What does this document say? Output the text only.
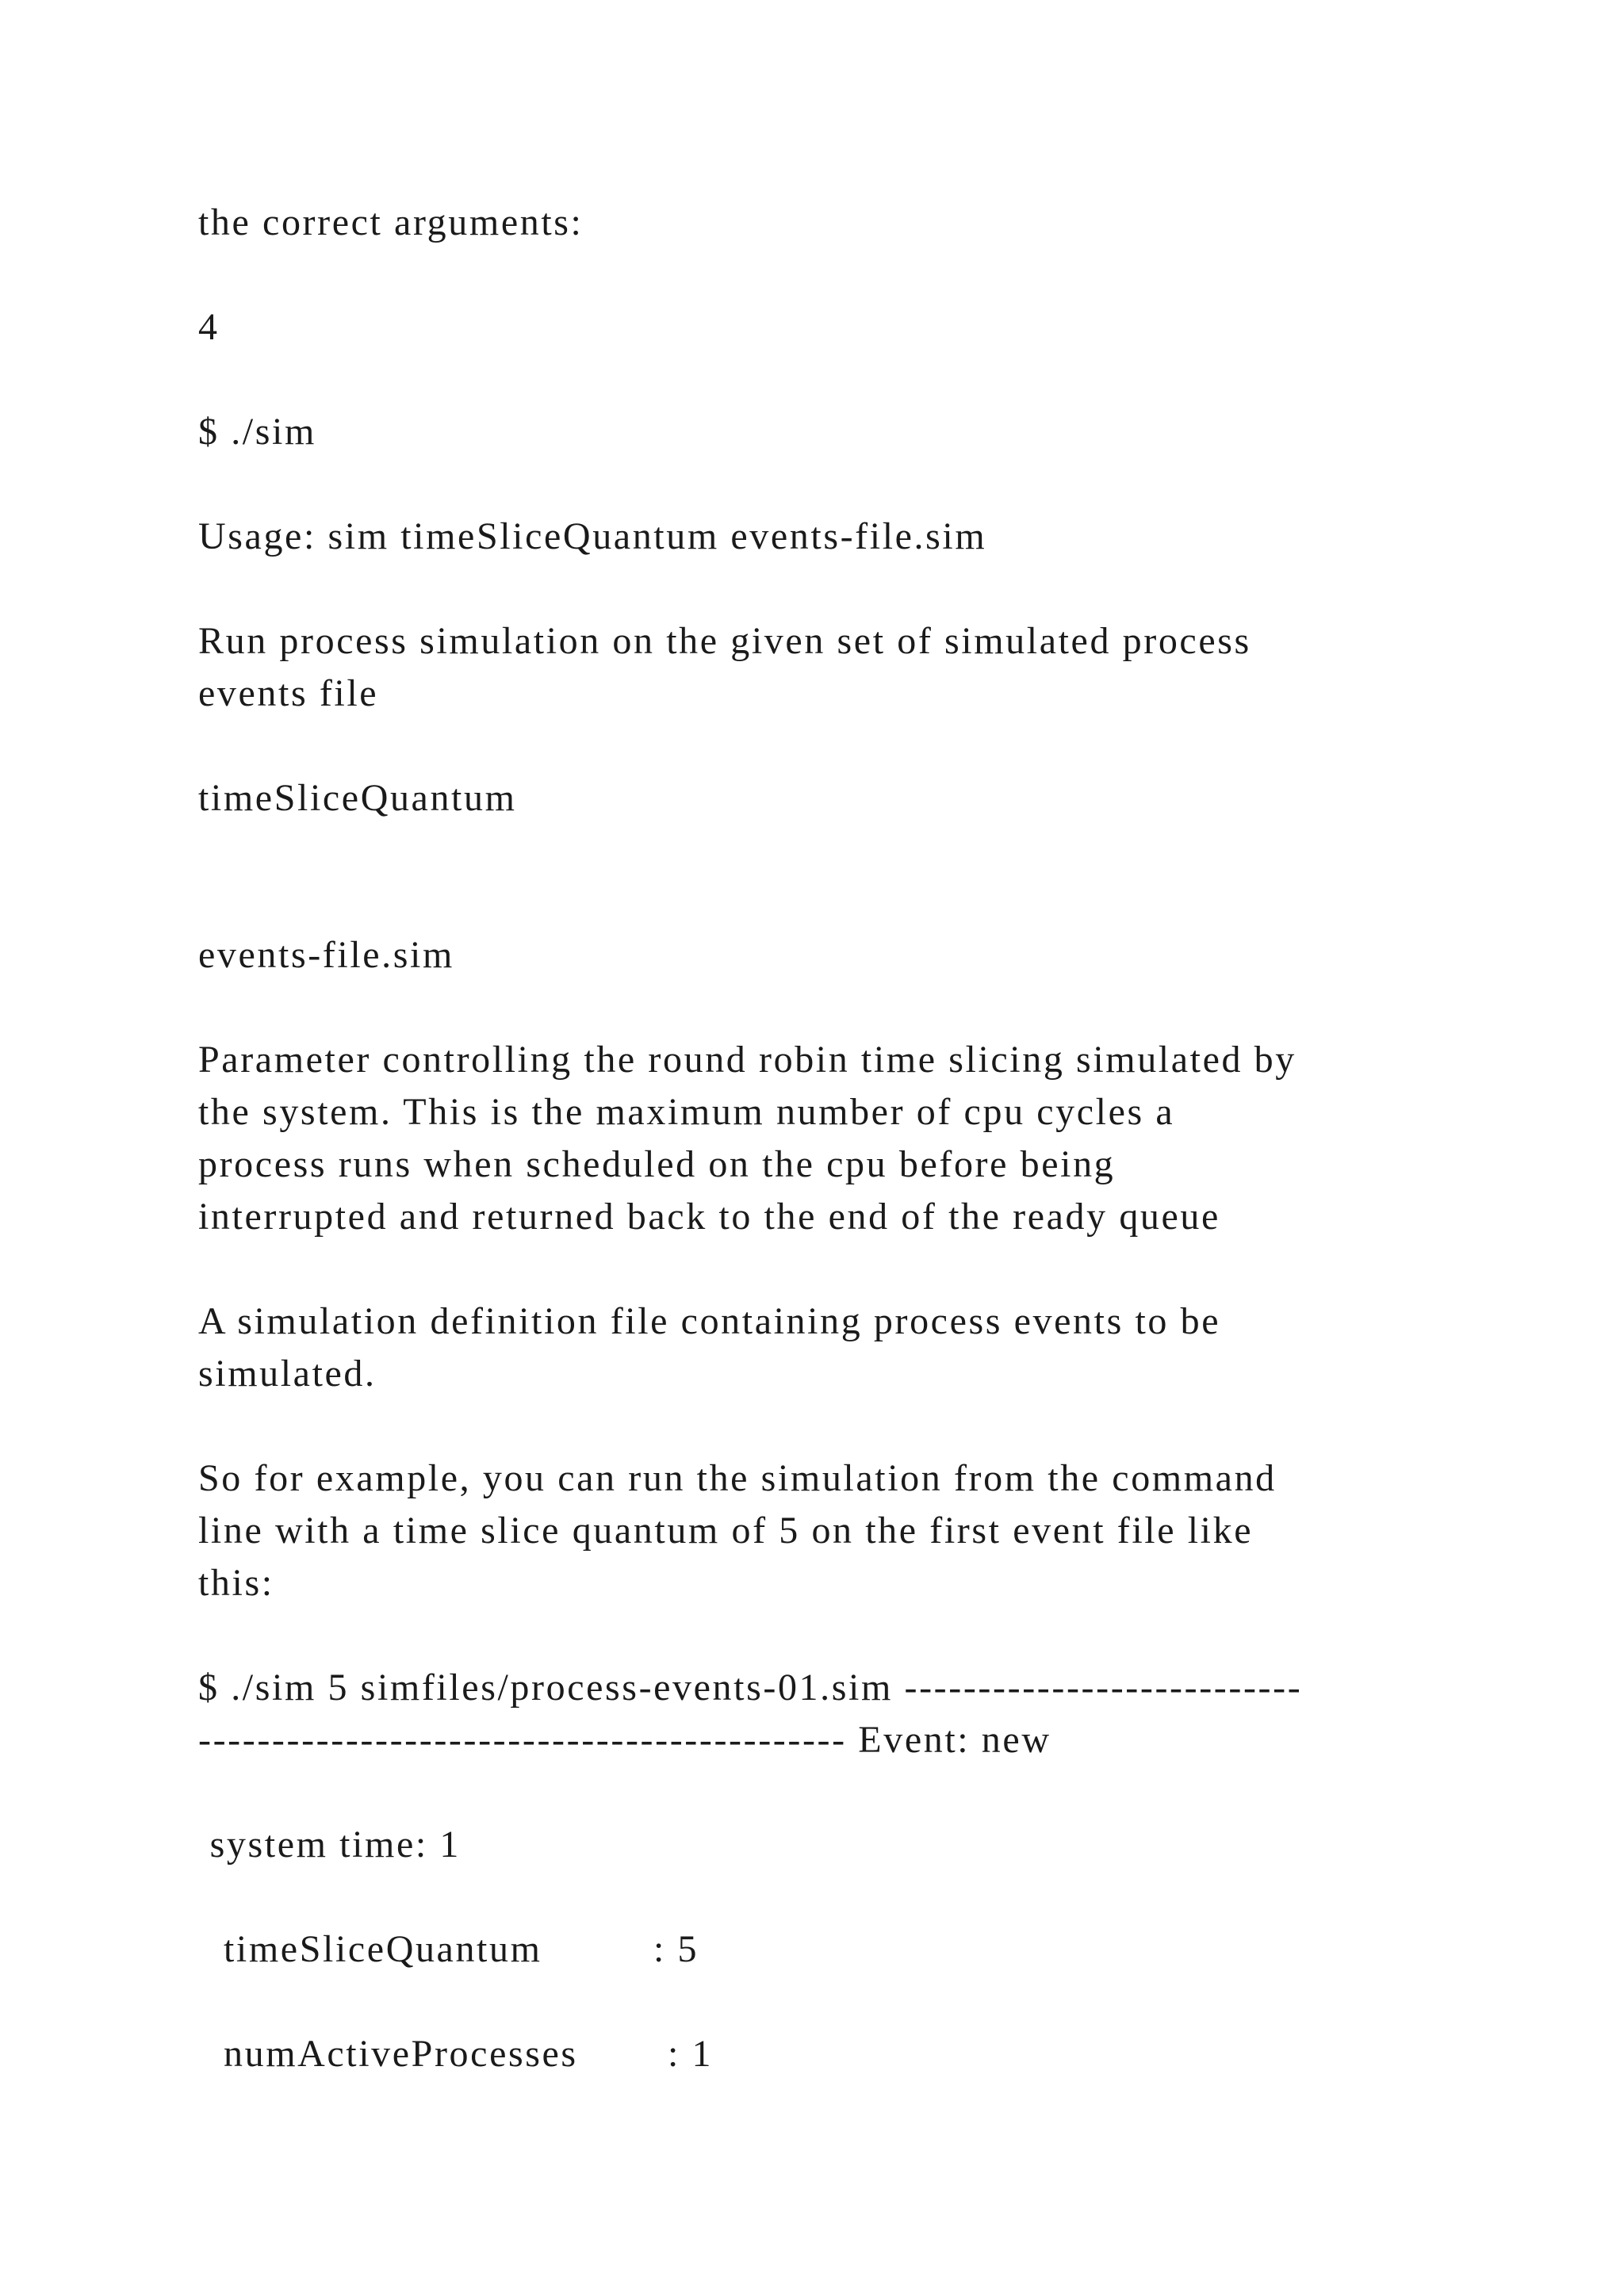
the correct arguments:

4

$ ./sim

Usage: sim timeSliceQuantum events-file.sim

Run process simulation on the given set of simulated process

events file

timeSliceQuantum

events-file.sim

Parameter controlling the round robin time slicing simulated by

the system. This is the maximum number of cpu cycles a

process runs when scheduled on the cpu before being

interrupted and returned back to the end of the ready queue

A simulation definition file containing process events to be

simulated.

So for example, you can run the simulation from the command

line with a time slice quantum of 5 on the first event file like

this:

$ ./sim 5 simfiles/process-events-01.sim ---------------------------

-------------------------------------------- Event: new

system time: 1

timeSliceQuantum	: 5

numActiveProcesses : 1
